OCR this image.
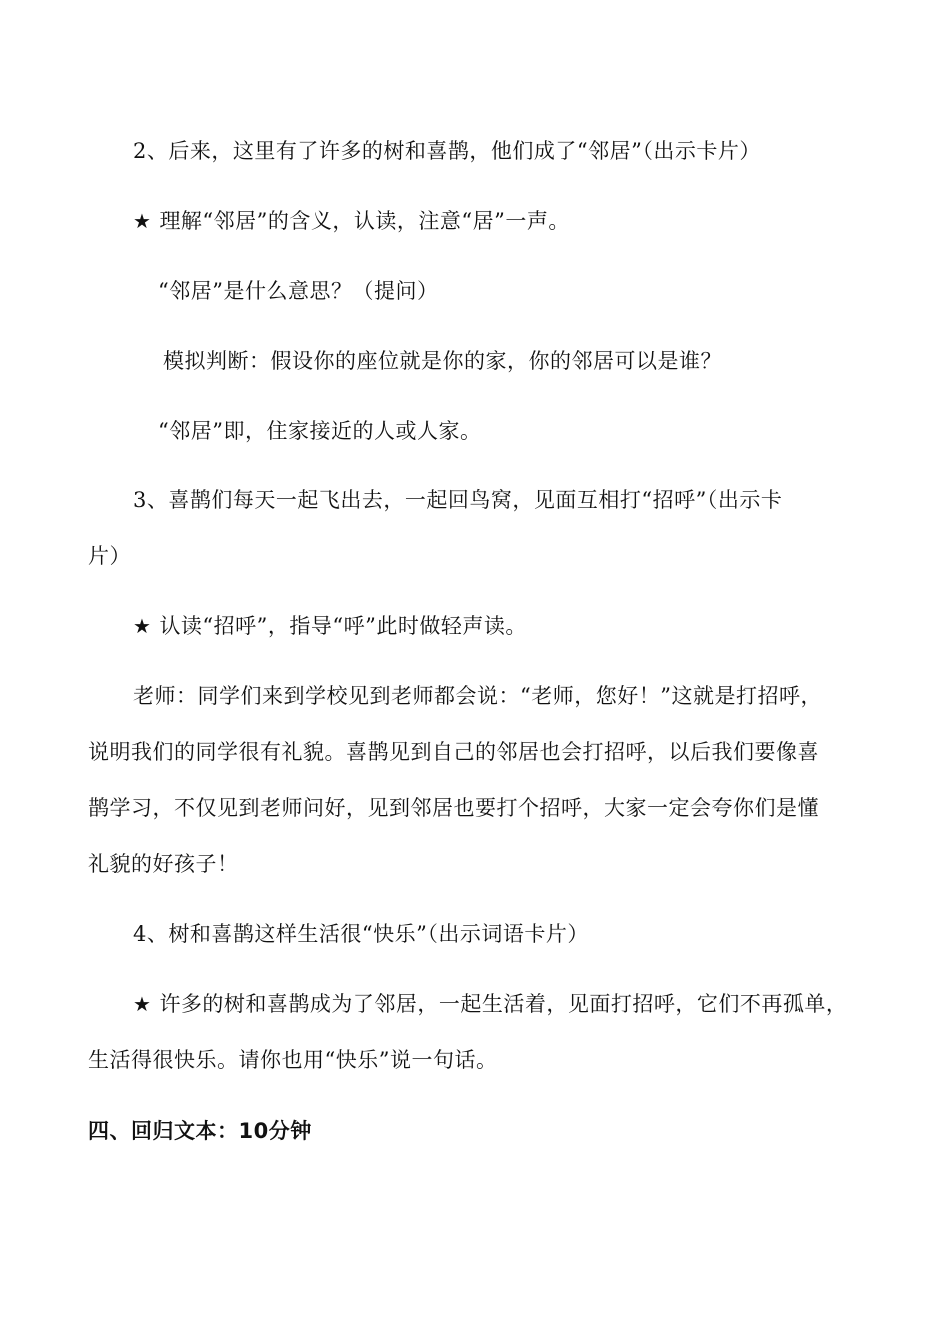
2、后来，这里有了许多的树和喜鹊，他们成了“邻居”（出示卡片）
★ 理解“邻居”的含义，认读，注意“居”一声。
“邻居”是什么意思？（提问）
模拟判断：假设你的座位就是你的家，你的邻居可以是谁？
“邻居”即，住家接近的人或人家。
3、喜鹊们每天一起飞出去，一起回鸟窝，见面互相打“招呼”（出示卡
片）
★ 认读“招呼”，指导“呼”此时做轻声读。
老师：同学们来到学校见到老师都会说：“老师，您好！”这就是打招呼，
说明我们的同学很有礼貌。喜鹊见到自己的邻居也会打招呼，以后我们要像喜
鹊学习，不仅见到老师问好，见到邻居也要打个招呼，大家一定会夸你们是懂
礼貌的好孩子！
4、树和喜鹊这样生活很“快乐”（出示词语卡片）
★ 许多的树和喜鹊成为了邻居，一起生活着，见面打招呼，它们不再孤单，
生活得很快乐。请你也用“快乐”说一句话。
四、回归文本：10分钟
